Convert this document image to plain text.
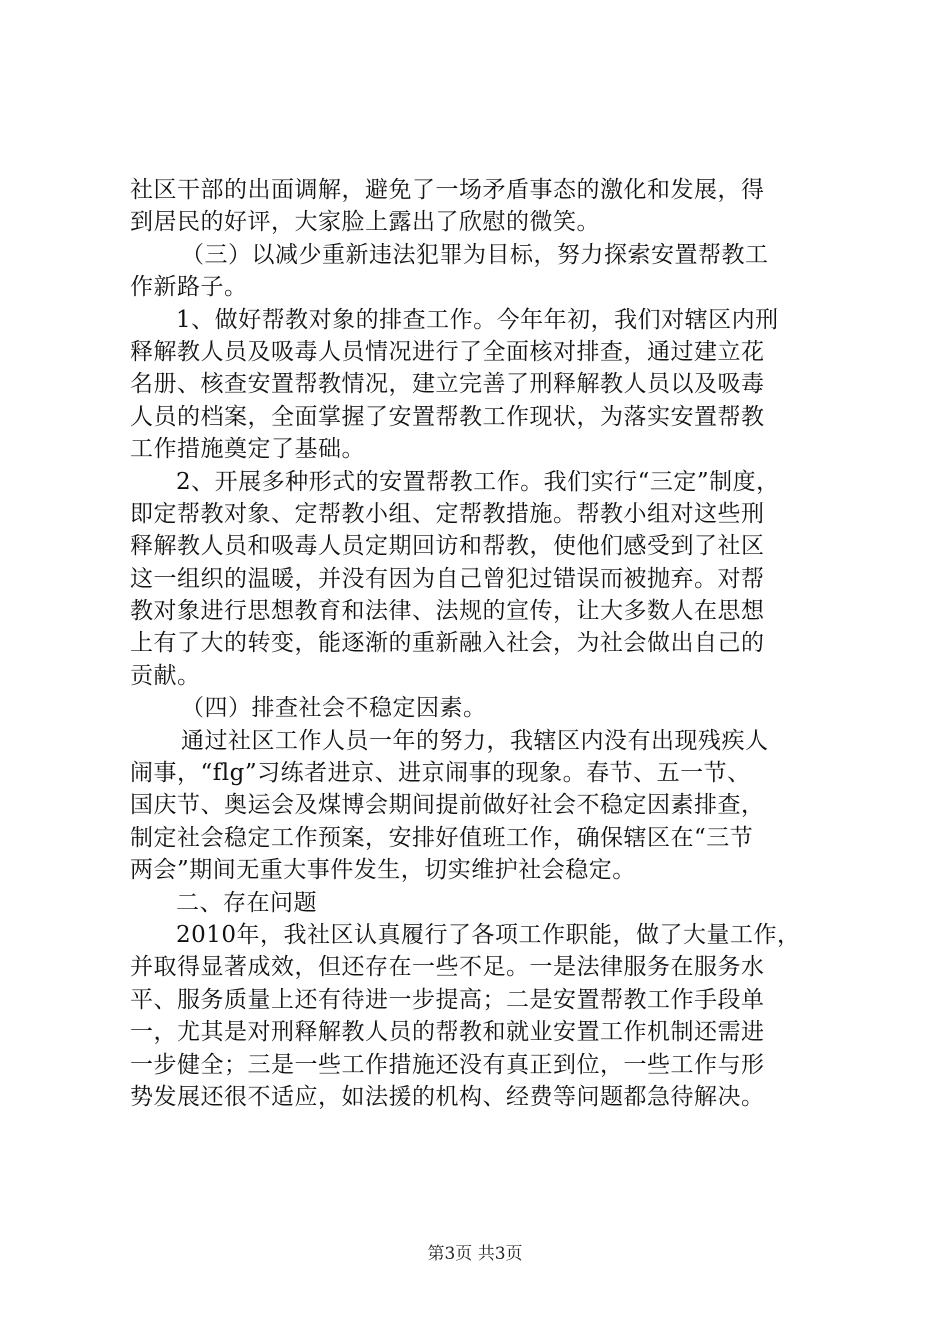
社区干部的出面调解，避免了一场矛盾事态的激化和发展，得
到居民的好评，大家脸上露出了欣慰的微笑。
（三）以减少重新违法犯罪为目标，努力探索安置帮教工
作新路子。
1、做好帮教对象的排查工作。今年年初，我们对辖区内刑
释解教人员及吸毒人员情况进行了全面核对排查，通过建立花
名册、核查安置帮教情况，建立完善了刑释解教人员以及吸毒
人员的档案，全面掌握了安置帮教工作现状，为落实安置帮教
工作措施奠定了基础。
2、开展多种形式的安置帮教工作。我们实行“三定”制度，
即定帮教对象、定帮教小组、定帮教措施。帮教小组对这些刑
释解教人员和吸毒人员定期回访和帮教，使他们感受到了社区
这一组织的温暖，并没有因为自己曾犯过错误而被抛弃。对帮
教对象进行思想教育和法律、法规的宣传，让大多数人在思想
上有了大的转变，能逐渐的重新融入社会，为社会做出自己的
贡献。
（四）排查社会不稳定因素。
通过社区工作人员一年的努力，我辖区内没有出现残疾人
闹事，“flg”习练者进京、进京闹事的现象。春节、五一节、
国庆节、奥运会及煤博会期间提前做好社会不稳定因素排查，
制定社会稳定工作预案，安排好值班工作，确保辖区在“三节
两会”期间无重大事件发生，切实维护社会稳定。
二、存在问题
2010年，我社区认真履行了各项工作职能，做了大量工作，
并取得显著成效，但还存在一些不足。一是法律服务在服务水
平、服务质量上还有待进一步提高；二是安置帮教工作手段单
一，尤其是对刑释解教人员的帮教和就业安置工作机制还需进
一步健全；三是一些工作措施还没有真正到位，一些工作与形
势发展还很不适应，如法援的机构、经费等问题都急待解决。
第3页 共3页
